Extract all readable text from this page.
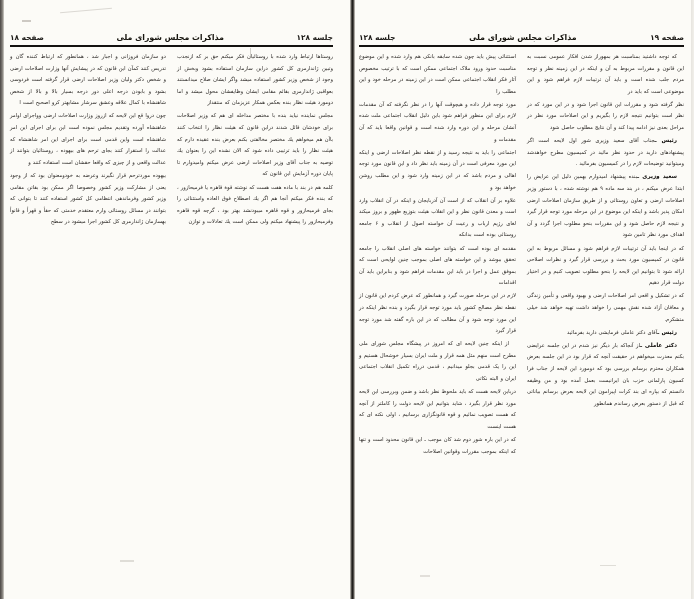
صفحه ۱۹
مذاکرات مجلس شورای ملی
جلسه ۱۲۸

که توجه داشتید بمناسبت هر بمهوراز شدن افکار عمومی نسبت به این قانون و مقررات مربوط به آن و اینکه در این زمینه نظر و توجه مردم جلب شده است و باید آن ترتیبات لازم فراهم شود و این موضوعی است که باید در

نظر گرفته شود و مقررات این قانون اجرا شود و در این مورد که در نظر است بتوانیم نتیجه لازم را بگیریم و این اصلاحات مورد نظر در مراحل بعدی نیز ادامه پیدا کند و آن نتایج مطلوب حاصل شود

رئیس ـجناب آقای سعید وزیری شور اول لایحه است اگر پیشنهادهای دارید در حدود نظر مائید در کمیسیون مطرح خواهدشد ومیتوانید توضیحات لازم را در کمیسیون بفرمائید .

سعید وزیری ـبنده پیشنهاد امیدوارم بهمین دلیل این عرایض را ابتدا عرض میکنم ، در بند سه ماده ۹ هم نوشته شده ، با دستور وزیر اصلاحات ارضی و تعاون روستائی و از طریق سازمان اصلاحات ارضی امکان پذیر باشد و اینکه این موضوع در این مرحله مورد توجه قرار گیرد و نتیجه لازم حاصل شود و این مقررات بنحو مطلوب اجرا گردد و آن اهداف مورد نظر تامین شود

که در اینجا باید آن ترتیبات لازم فراهم شود و مسائل مربوط به این قانون در کمیسیون مورد بحث و بررسی قرار گیرد و نظرات اصلاحی ارائه شود تا بتوانیم این لایحه را بنحو مطلوب تصویب کنیم و در اختیار دولت قرار دهیم

که در تشکیل و اقعی امر اصلاحات ارضی و بهبود واقعی و تأمین زندگی و معافان آزاد شده نقش مهمی را خواهد داشت تهیه خواهد شد خیلی متشکرم.

رئیس ـآقای دکتر عاملی فرمایشی دارید بفرمائید

دکتر عاملی ـاز آنجاکه بار دیگر نیز شدم در این جلسه عرایضی بکنم معذرت میخواهم در حقیقت آنچه که قرار بود در این جلسه بعرض همکاران محترم برسانم بررسی بود که دومورد این لایحه از جناب فرا کسیون پارلمانی حزب بان ایرانیست بعمل آمده بود و من وظیفه دانستم که بپاره ای بند کرات اپیرامون این لایحه بعرض برسانم بیاناتی که قبل از دستور بعرض رساندم همانطور

استثنائی پیش باید چون شده سابقه بانکی هم وارد شده و این موضوع مناسبت حدود ورود ملاک اجتماعی ممکن است که با ترتیب مخصوص آثار فکر انقلاب اجتماعی ممکن است در این زمینه در مرحله خود و این مطلب را

مورد توجه قرار داده و هیچوقت آنها را در نظر نگرفته که آن مقدمات لازم برای این منظور فراهم شود باین دلیل انقلاب اجتماعی ملت شده آنشان مرحله و این دوره وارد شده است و قوانین واقعا باید که آن مقدمات و

اجتماعی را باید به نتیجه رسید و از نقطه نظر اصلاحات ارضی و اینکه این مورد معرفی است در آن زمینه باید نظر داد و این قانون مورد توجه اهالی و مردم باشد که در این زمینه وارد شود و این مطلب روشن خواهد بود و

علاوه بر آن انقلاب که از است آن آذربایجان و اینکه در آن انقلاب وارد است و معدن قانون نظر و این انقلاب هیئت بتوزیع ظهور و بروز میکند لغای رژیم ارباب و رعیت آن خواسته اصول از انقلاب و ۶ جامعه روستائی بوده است بدانکه

مقدمه ای بوده است که بتوانند خواسته های اصلی انقلاب را جامعه تحقق ببوشد و این خواسته های اصلی بموجب چنین لوایحی است که بموفق عمل و اجرا در باید این مقدمات فراهم شود و بنابراین باید آن اقدامات

لازم در این مرحله صورت گیرد و همانطور که عرض کردم این قانون از نقطه نظر مصالح کشور باید مورد توجه قرار بگیرد و بنده نظر اینکه در این مورد توجه شود و آن مطالب که در این باره گفته شد مورد توجه قرار گیرد

از اینکه چنین لایحه ای که امروز در پیشگاه مجلس شورای ملی مطرح است منهم مثل همه قرار و ملت ایران بسیار خوشحال هستیم و این را یک قدمی بجلو میدانیم ، قدمی درراه تکمیل انقلاب اجتماعی ایران و البته نکاتی

درباین لایحه هست که باید ملحوظ نظر باشد و ضمن وبررسی این لایحه مورد نظر قرار بگیرد ، شاید بتوانیم این لایحه دولت را کاملتر از آنچه که هست تصویب نمائیم و قوه قانونگزاری برسانیم ، اولی نکته ای که هست اینست

که در این باره شور دوم شد کان موجب ـ این قانون محدود است و تنها که اینکه بموجب مقررات وقوانین اصلاحات

جلسه ۱۲۸
مذاکرات مجلس شورای ملی
صفحه ۱۸

روستاها ارتباط وارد شده با روستائیان فکر میکنم حق بر که ازنجدب وتبین ژاندارمری کل کشور دراین سازمان استفاده بشود وبخش از وجود از شخص وزیر کشور استفاده میشد واگر ایشان صلاح میدانستند بعواقبی ژاندارمری بقائم مقامی ایشان وظایفشان محول میشد و اما دومورد هیئت نظار بنده بعکس همکار عزیزمان که منتقداز

مجلس نماینده نیاید بنده با مختصر مداخله ای هم که وزیر اصلاحات برای خودشان قائل شدند دراین قانون که هیئت نظار را انتخاب کنند باآن هم میخواهم یك مختصر مخالفتی بکنم بعرض بنده عقیده دارم که هیئت نظار را باید ترتیبی داده شود که الان نشده این را بعنوان یك توصیه به جناب آقای وزیر اصلاحات ارضی عرض میکنم وامیدوارم تا پایان دوره آزمایش این قانون که

کلمه هم در بند با ماده هفت هست که نوشته قوة قاهره یا فرمیحازور ، که بنده فکر میکنم آنجا هم اگر یك اصطلاح فوق العاده واستثنائی را بجای فرمیحازور و قوه قاهره میبودنشد بهتر بود ، گرچه قوه قاهره وفرمیحازور را پیشنهاد میکنم ولی ممکن است یك تعادلات و توازن

دو سازمان فروزانی و اجبار شد ، همانطور که ارتباط کننده گان و تدریس کنند کمآن این قانون که در پیشایش آنها وزارت اصلاحات ارضی و شخص دکتر ولیان وزیر اصلاحات ارضی قرار گرفته است فردوسی بشود و بابودن درجه اعلی دور درجه بسیار بالا و بالا از شخص شاهنشاه با کمال علاقه وعشق سرشار مشابهتر کرو اصحبح است ا

چون دروا قع این لایحه که ازروز وزارت اصلاحات ارضی وواجرای اوامر شاهنشاه آورده وتقدیم مجلس نموده است این برای اجرای این امر شاهنشاه است واین قدمی است برای اجرای این امر شاهنشاه که عدالت را استقرار کنند بجای ترحم های بیهوده ، روستائیان بتوانند از عدالت واقعی و از چیزی که واقعا حقشان است استفاده کنند و

بیهوده موردترحم قرار نگیرند وعرضه به خودومعنوان بود که از وجود یعنی از مشارکت وزیر کشور وخصوصا اگر ممکن بود بقاتن مقامی وزیر کشور وفرماندهی انتظامی کل کشور استفاده کنند تا بتوانی که بتوانند در مسائل روستائی وارم معتقدم خدمتی که حقأ و قهرأ و قانوأ بهسازمان ژاندارمری کل کشور اجرا میشود در سطح
